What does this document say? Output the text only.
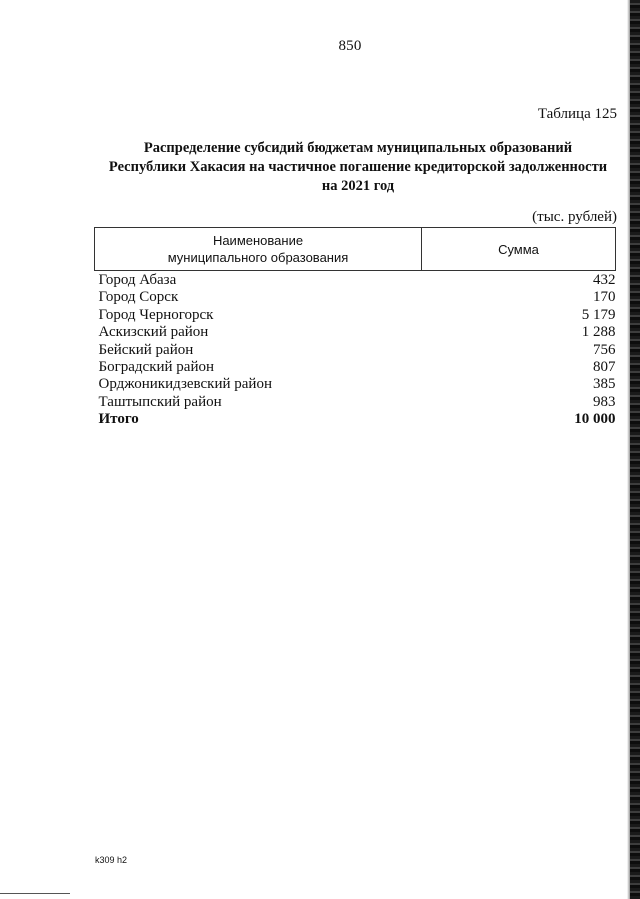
850
Таблица 125
Распределение субсидий бюджетам муниципальных образований
Республики Хакасия на частичное погашение кредиторской задолженности
на 2021 год
(тыс. рублей)
Наименование
муниципального образования	Сумма
Город Абаза	432
Город Сорск	170
Город Черногорск	5 179
Аскизский район	1 288
Бейский район	756
Боградский район	807
Орджоникидзевский район	385
Таштыпский район	983
Итого	10 000
k309 h2
